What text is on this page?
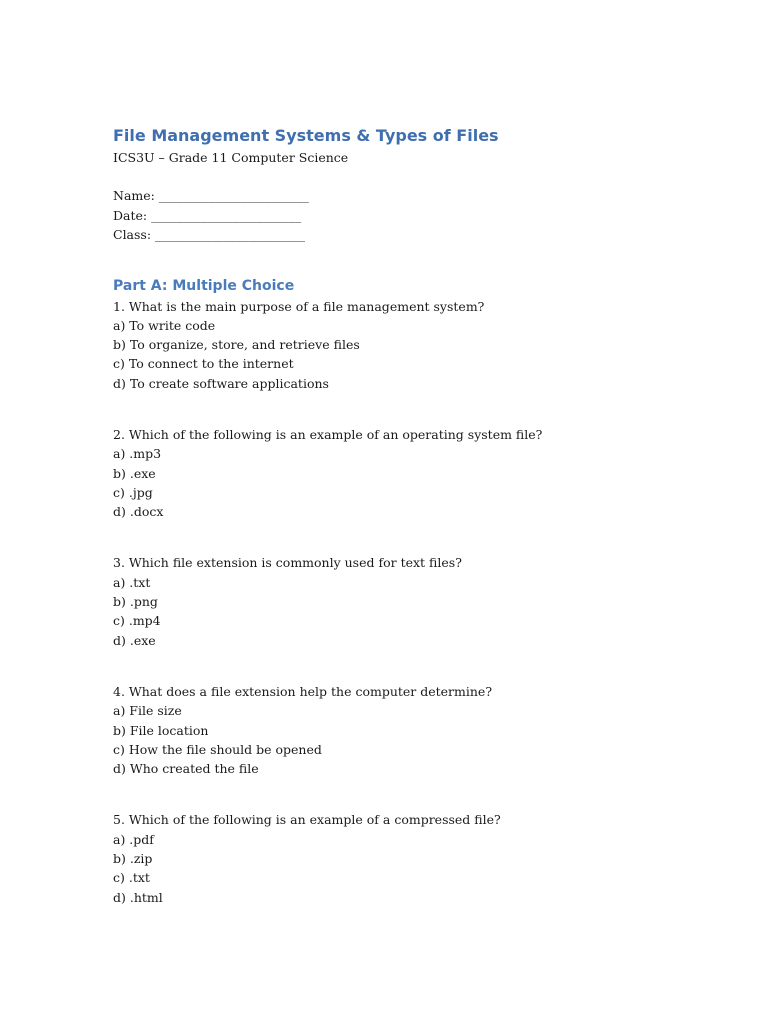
File Management Systems & Types of Files

ICS3U – Grade 11 Computer Science

Name: ________________________
Date: ________________________
Class: ________________________
Part A: Multiple Choice
1. What is the main purpose of a file management system?
a) To write code
b) To organize, store, and retrieve files
c) To connect to the internet
d) To create software applications
2. Which of the following is an example of an operating system file?
a) .mp3
b) .exe
c) .jpg
d) .docx
3. Which file extension is commonly used for text files?
a) .txt
b) .png
c) .mp4
d) .exe
4. What does a file extension help the computer determine?
a) File size
b) File location
c) How the file should be opened
d) Who created the file
5. Which of the following is an example of a compressed file?
a) .pdf
b) .zip
c) .txt
d) .html
